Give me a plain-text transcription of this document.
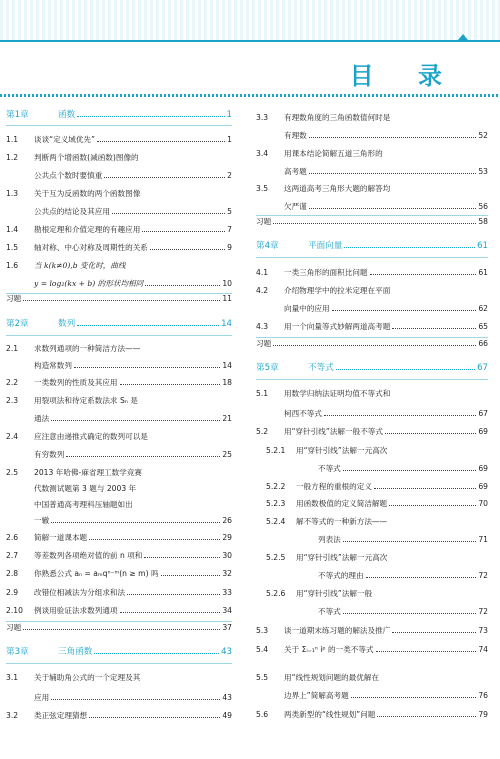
目 录
第1章	函数	1
1.1 谈谈“定义域优先”	1
1.2 判断两个增函数(减函数)图像的
公共点个数时要慎重	2
1.3 关于互为反函数的两个函数图像
公共点的结论及其应用	5
1.4 勘根定理和介值定理的有趣应用	7
1.5 轴对称、中心对称及周期性的关系	9
1.6 当 k(k≠0),b 变化时，曲线
y = log₂(kx + b) 的形状均相同	10
习题	11
第2章	数列	14
2.1 求数列通项的一种简洁方法——
构造常数列	14
2.2 一类数列的性质及其应用	18
2.3 用裂项法和待定系数法求 Sₙ 是
通法	21
2.4 应注意由递推式确定的数列可以是
有穷数列	25
2.5 2013 年哈佛-麻省理工数学竞赛
代数测试题第 3 题与 2003 年
中国普通高考理科压轴题如出
一辙	26
2.6 简解一道课本题	29
2.7 等差数列各项绝对值的前 n 项和	30
2.8 你熟悉公式 aₙ = aₘqⁿ⁻ᵐ(n ≥ m) 吗	32
2.9 改错位相减法为分组求和法	33
2.10 例谈用验证法求数列通项	34
习题	37
第3章	三角函数	43
3.1 关于辅助角公式的一个定理及其
应用	43
3.2 类正弦定理猜想	49
3.3 有理数角度的三角函数值何时是
有理数	52
3.4 用课本结论简解五道三角形的
高考题	53
3.5 这两道高考三角形大题的解答均
欠严谨	56
习题	58
第4章	平面向量	61
4.1 一类三角形的面积比问题	61
4.2 介绍物理学中的拉米定理在平面
向量中的应用	62
4.3 用一个向量等式妙解两道高考题	65
习题	66
第5章	不等式	67
5.1 用数学归纳法证明均值不等式和
柯西不等式	67
5.2 用“穿针引线”法解一般不等式	69
5.2.1 用“穿针引线”法解一元高次
不等式	69
5.2.2 一般方程的重根的定义	69
5.2.3 用函数极值的定义简洁解题	70
5.2.4 解不等式的一种新方法——
列表法	71
5.2.5 用“穿针引线”法解一元高次
不等式的理由	72
5.2.6 用“穿针引线”法解一般
不等式	72
5.3 谈一道期末练习题的解法及推广	73
5.4 关于 Σᵢ₌₁ⁿ iᵖ 的一类不等式	74
5.5 用“线性规划问题的最优解在
边界上”简解高考题	76
5.6 两类新型的“线性规划”问题	79
